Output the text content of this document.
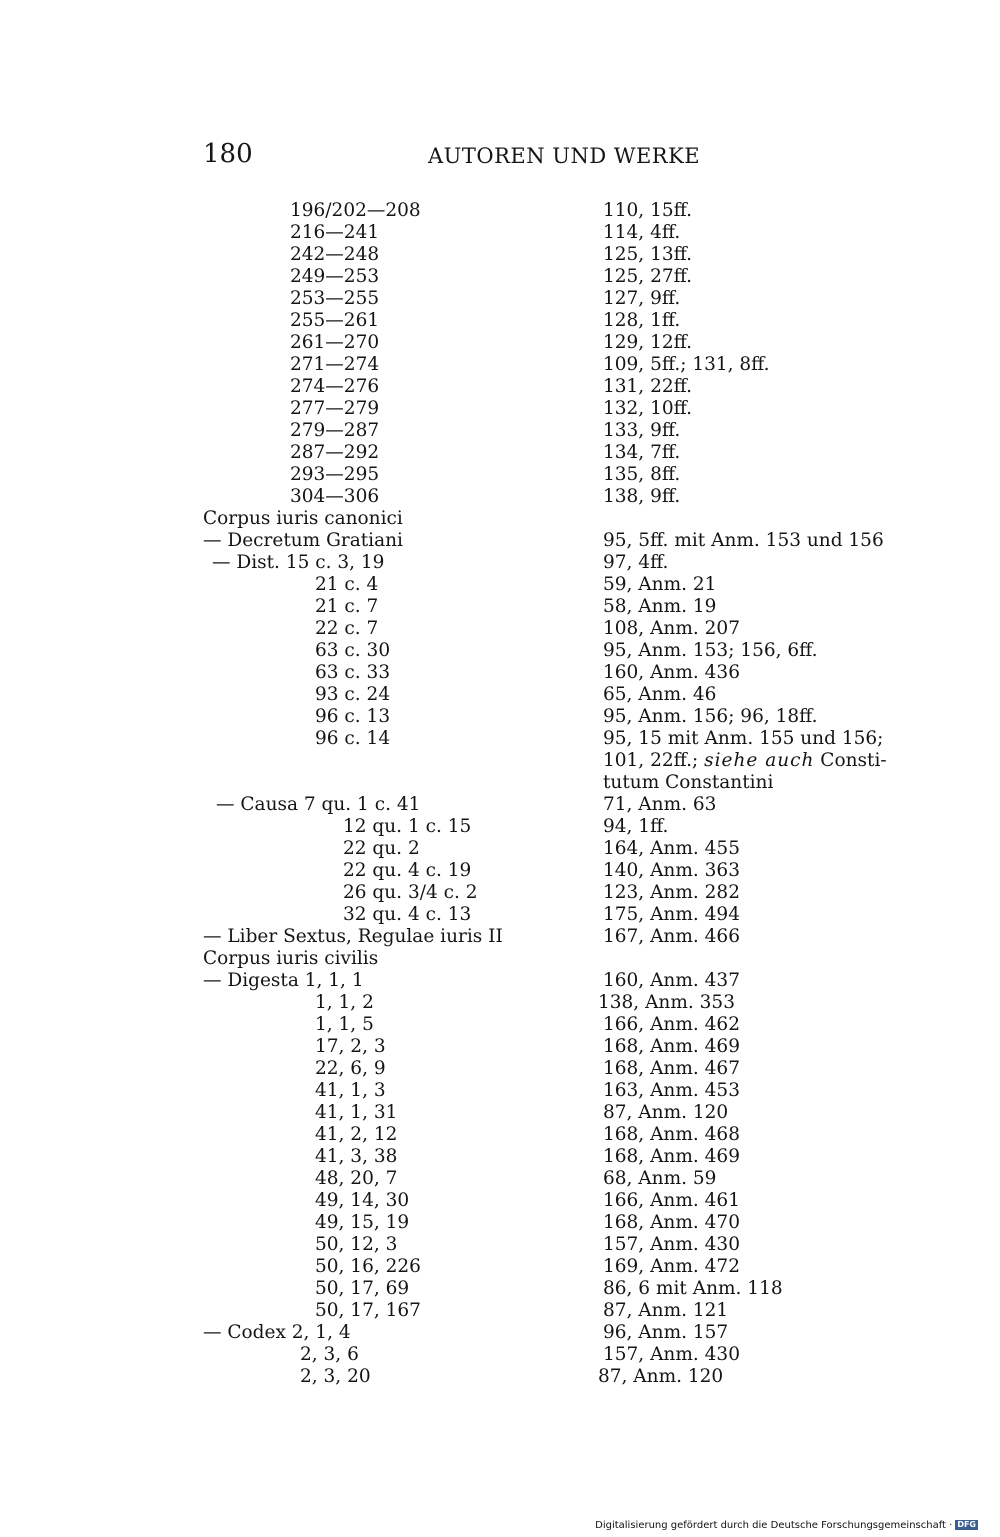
180	AUTOREN UND WERKE
196/202—208	110, 15ff.
216—241	114, 4ff.
242—248	125, 13ff.
249—253	125, 27ff.
253—255	127, 9ff.
255—261	128, 1ff.
261—270	129, 12ff.
271—274	109, 5ff.; 131, 8ff.
274—276	131, 22ff.
277—279	132, 10ff.
279—287	133, 9ff.
287—292	134, 7ff.
293—295	135, 8ff.
304—306	138, 9ff.
Corpus iuris canonici
— Decretum Gratiani	95, 5ff. mit Anm. 153 und 156
— Dist. 15 c. 3, 19	97, 4ff.
21 c. 4	59, Anm. 21
21 c. 7	58, Anm. 19
22 c. 7	108, Anm. 207
63 c. 30	95, Anm. 153; 156, 6ff.
63 c. 33	160, Anm. 436
93 c. 24	65, Anm. 46
96 c. 13	95, Anm. 156; 96, 18ff.
96 c. 14	95, 15 mit Anm. 155 und 156;
101, 22ff.; siehe auch Consti-
tutum Constantini
— Causa 7 qu. 1 c. 41	71, Anm. 63
12 qu. 1 c. 15	94, 1ff.
22 qu. 2	164, Anm. 455
22 qu. 4 c. 19	140, Anm. 363
26 qu. 3/4 c. 2	123, Anm. 282
32 qu. 4 c. 13	175, Anm. 494
— Liber Sextus, Regulae iuris II	167, Anm. 466
Corpus iuris civilis
— Digesta 1, 1, 1	160, Anm. 437
1, 1, 2	138, Anm. 353
1, 1, 5	166, Anm. 462
17, 2, 3	168, Anm. 469
22, 6, 9	168, Anm. 467
41, 1, 3	163, Anm. 453
41, 1, 31	87, Anm. 120
41, 2, 12	168, Anm. 468
41, 3, 38	168, Anm. 469
48, 20, 7	68, Anm. 59
49, 14, 30	166, Anm. 461
49, 15, 19	168, Anm. 470
50, 12, 3	157, Anm. 430
50, 16, 226	169, Anm. 472
50, 17, 69	86, 6 mit Anm. 118
50, 17, 167	87, Anm. 121
— Codex 2, 1, 4	96, Anm. 157
2, 3, 6	157, Anm. 430
2, 3, 20	87, Anm. 120
Digitalisierung gefördert durch die Deutsche Forschungsgemeinschaft · DFG
